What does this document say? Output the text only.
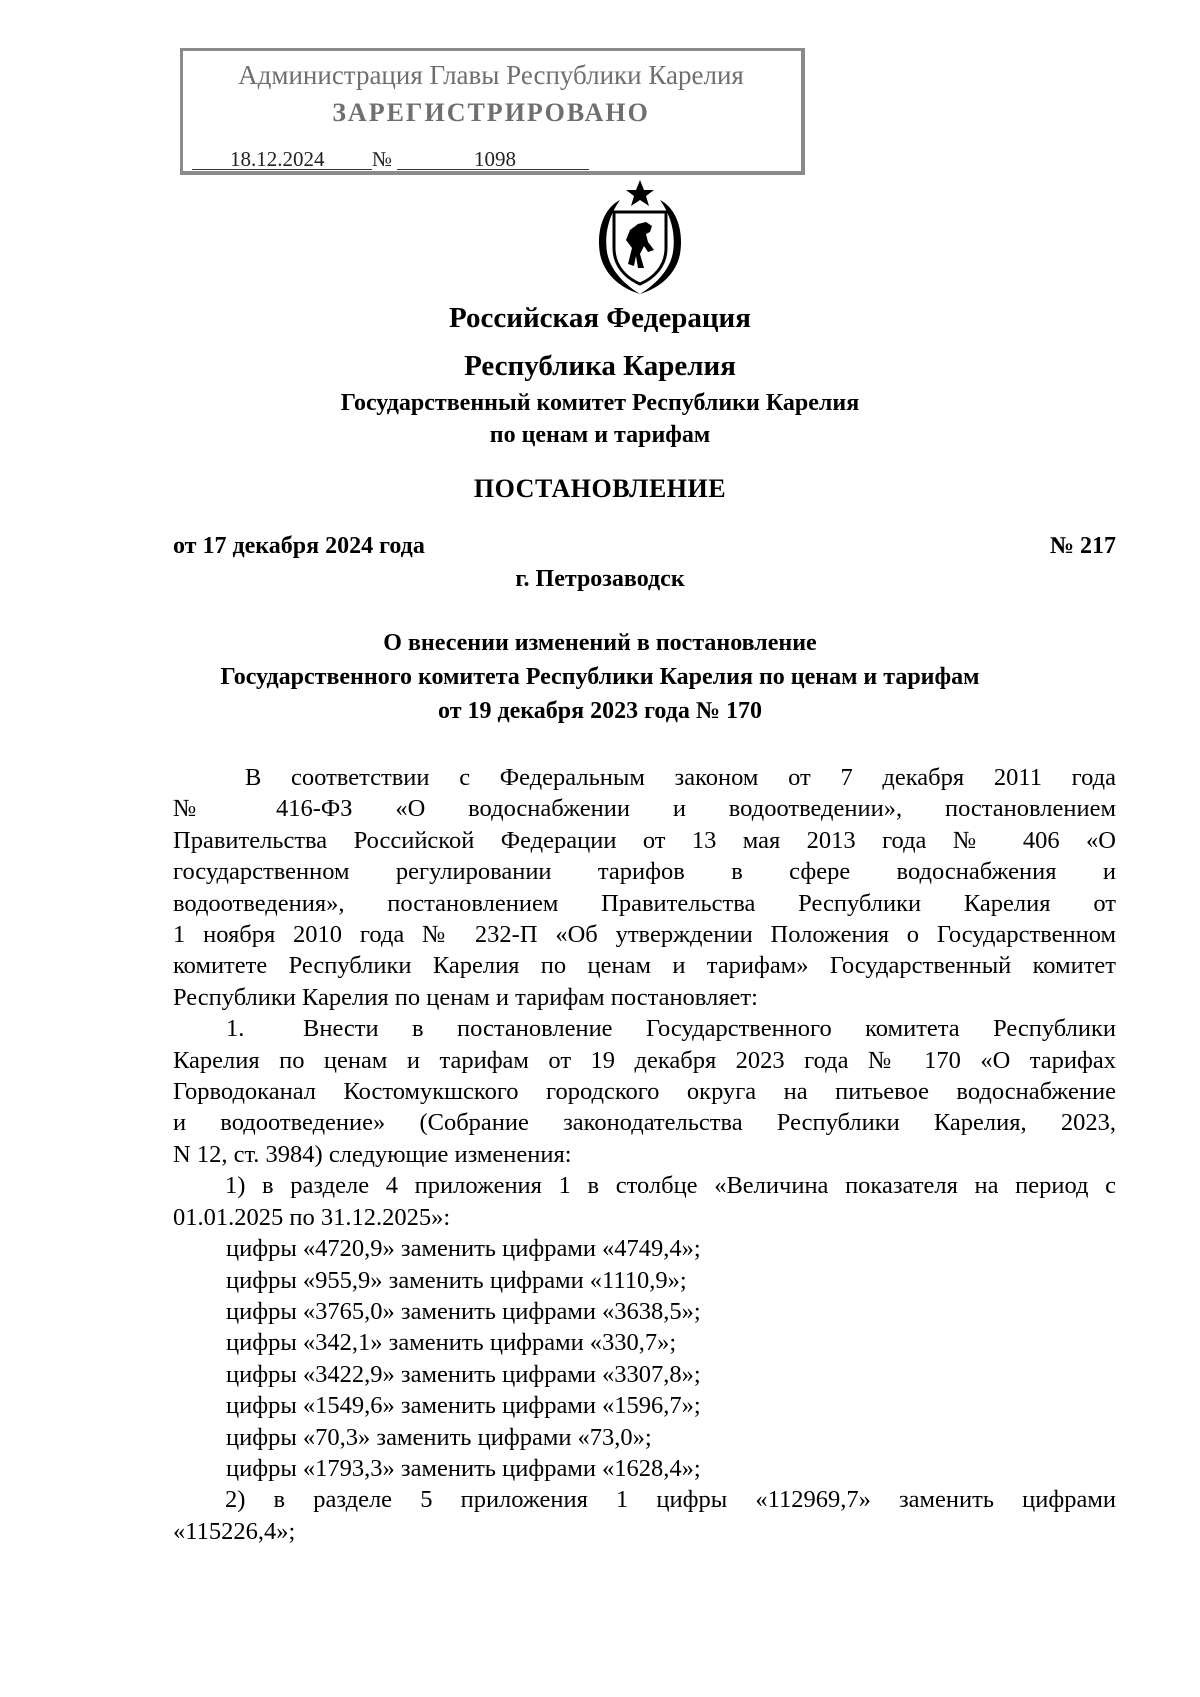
Администрация Главы Республики Карелия
ЗАРЕГИСТРИРОВАНО
18.12.2024 №	1098
Российская Федерация
Республика Карелия
Государственный комитет Республики Карелия
по ценам и тарифам
ПОСТАНОВЛЕНИЕ
от 17 декабря 2024 года	№ 217
г. Петрозаводск
О внесении изменений в постановление
Государственного комитета Республики Карелия по ценам и тарифам
от 19 декабря 2023 года № 170

В соответствии с Федеральным законом от 7 декабря 2011 года

№ 416-ФЗ «О водоснабжении и водоотведении», постановлением

Правительства Российской Федерации от 13 мая 2013 года № 406 «О

государственном регулировании тарифов в сфере водоснабжения и

водоотведения», постановлением Правительства Республики Карелия от

1 ноября 2010 года № 232-П «Об утверждении Положения о Государственном

комитете Республики Карелия по ценам и тарифам» Государственный комитет

Республики Карелия по ценам и тарифам постановляет:

1. Внести в постановление Государственного комитета Республики

Карелия по ценам и тарифам от 19 декабря 2023 года № 170 «О тарифах

Горводоканал Костомукшского городского округа на питьевое водоснабжение

и водоотведение» (Собрание законодательства Республики Карелия, 2023,

N 12, ст. 3984) следующие изменения:

1) в разделе 4 приложения 1 в столбце «Величина показателя на период с

01.01.2025 по 31.12.2025»:

цифры «4720,9» заменить цифрами «4749,4»;

цифры «955,9» заменить цифрами «1110,9»;

цифры «3765,0» заменить цифрами «3638,5»;

цифры «342,1» заменить цифрами «330,7»;

цифры «3422,9» заменить цифрами «3307,8»;

цифры «1549,6» заменить цифрами «1596,7»;

цифры «70,3» заменить цифрами «73,0»;

цифры «1793,3» заменить цифрами «1628,4»;

2) в разделе 5 приложения 1 цифры «112969,7» заменить цифрами

«115226,4»;
